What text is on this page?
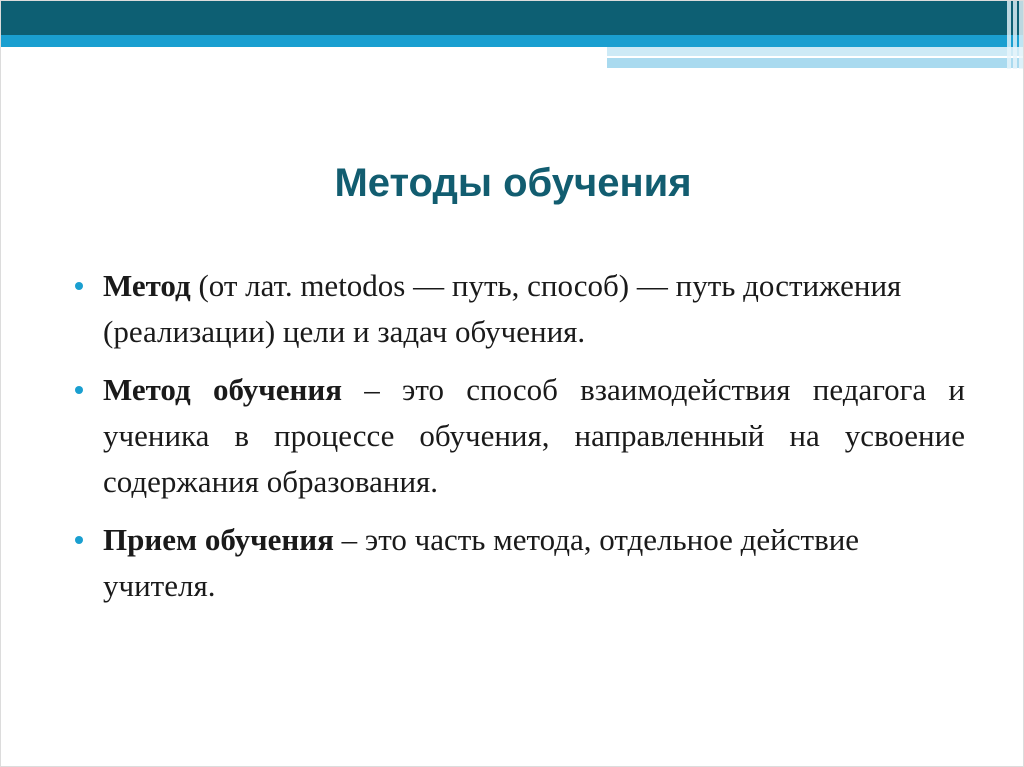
Методы обучения
Метод (от лат. metodos — путь, способ) — путь достижения (реализации) цели и задач обучения.
Метод обучения – это способ взаимодействия педагога и ученика в процессе обучения, направленный на усвоение содержания образования.
Прием обучения – это часть метода, отдельное действие учителя.
